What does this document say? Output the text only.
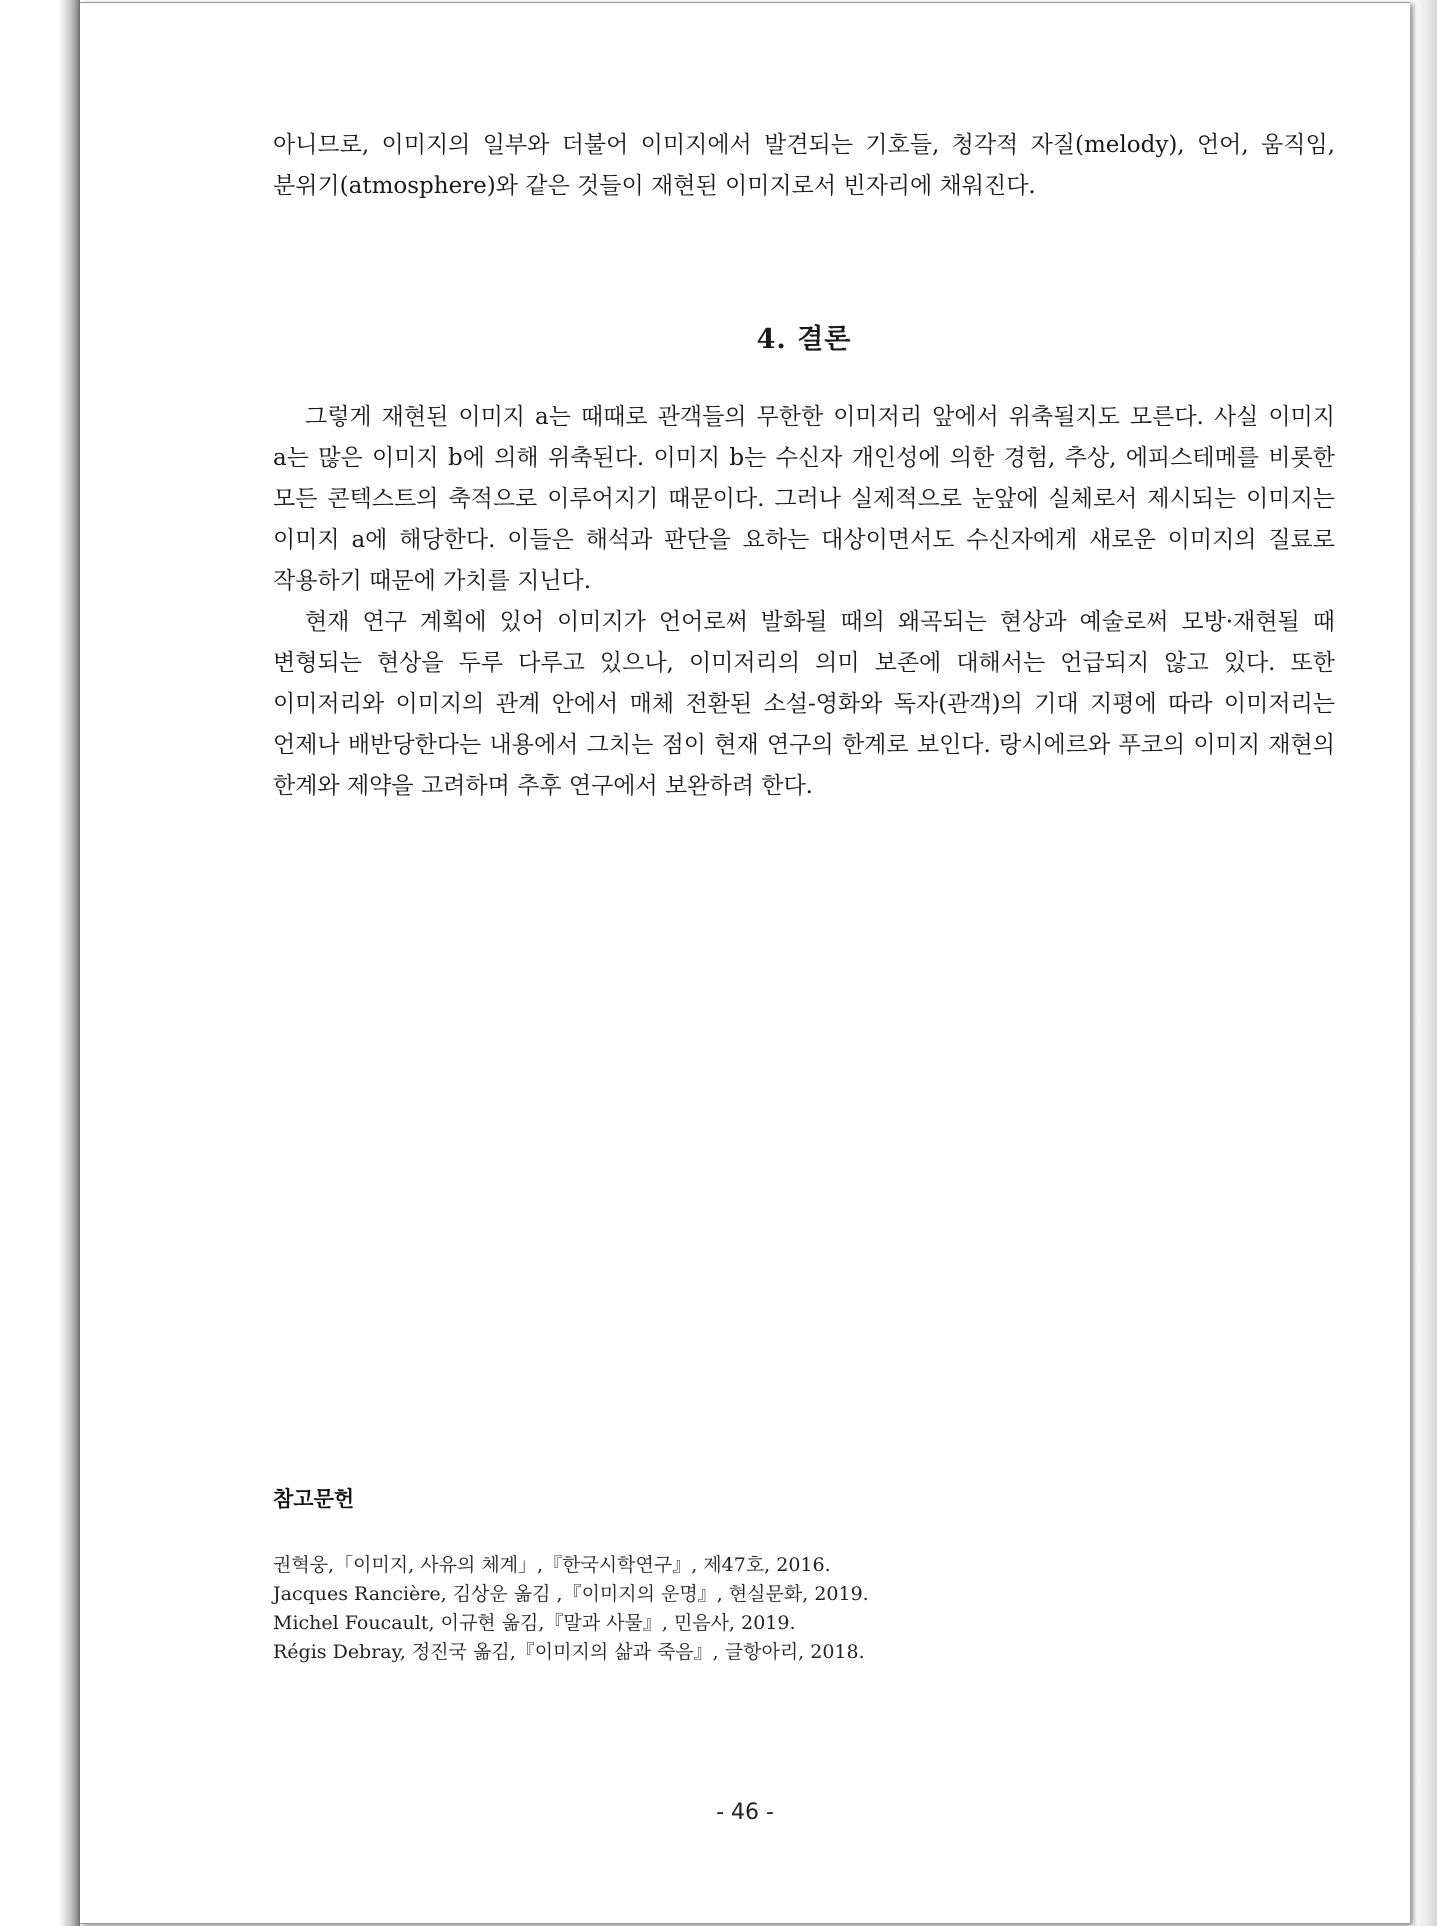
아니므로, 이미지의 일부와 더불어 이미지에서 발견되는 기호들, 청각적 자질(melody), 언어, 움직임, 분위기(atmosphere)와 같은 것들이 재현된 이미지로서 빈자리에 채워진다.

4. 결론

그렇게 재현된 이미지 a는 때때로 관객들의 무한한 이미저리 앞에서 위축될지도 모른다. 사실 이미지 a는 많은 이미지 b에 의해 위축된다. 이미지 b는 수신자 개인성에 의한 경험, 추상, 에피스테메를 비롯한 모든 콘텍스트의 축적으로 이루어지기 때문이다. 그러나 실제적으로 눈앞에 실체로서 제시되는 이미지는 이미지 a에 해당한다. 이들은 해석과 판단을 요하는 대상이면서도 수신자에게 새로운 이미지의 질료로 작용하기 때문에 가치를 지닌다.

현재 연구 계획에 있어 이미지가 언어로써 발화될 때의 왜곡되는 현상과 예술로써 모방·재현될 때 변형되는 현상을 두루 다루고 있으나, 이미저리의 의미 보존에 대해서는 언급되지 않고 있다. 또한 이미저리와 이미지의 관계 안에서 매체 전환된 소설-영화와 독자(관객)의 기대 지평에 따라 이미저리는 언제나 배반당한다는 내용에서 그치는 점이 현재 연구의 한계로 보인다. 랑시에르와 푸코의 이미지 재현의 한계와 제약을 고려하며 추후 연구에서 보완하려 한다.

참고문헌
권혁웅,「이미지, 사유의 체계」,『한국시학연구』, 제47호, 2016.
Jacques Rancière, 김상운 옮김 ,『이미지의 운명』, 현실문화, 2019.
Michel Foucault, 이규현 옮김,『말과 사물』, 민음사, 2019.
Régis Debray, 정진국 옮김,『이미지의 삶과 죽음』, 글항아리, 2018.

- 46 -
